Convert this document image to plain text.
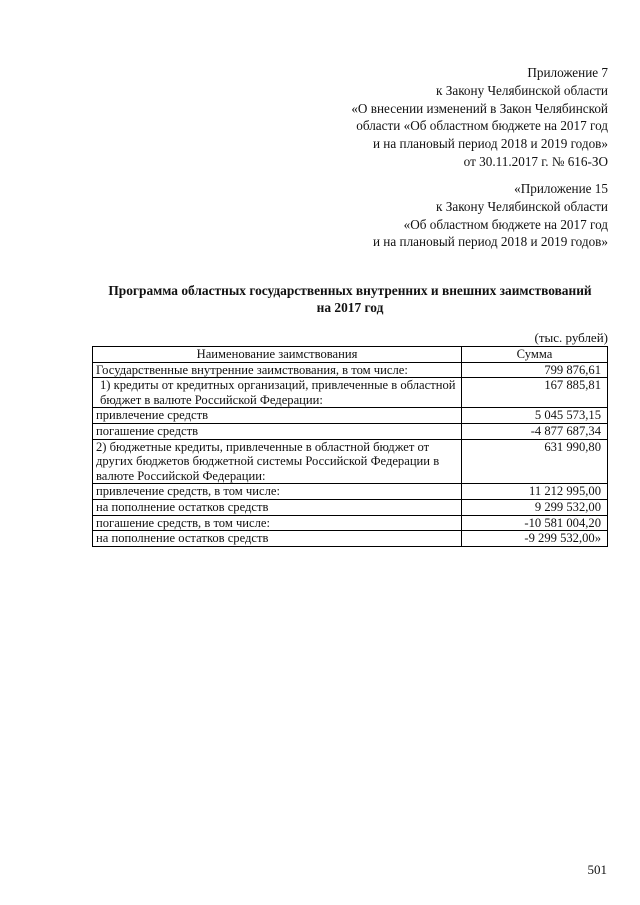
Приложение 7
к Закону Челябинской области
«О внесении изменений в Закон Челябинской
области «Об областном бюджете на 2017 год
и на плановый период 2018 и 2019 годов»
от 30.11.2017 г. № 616-ЗО
«Приложение 15
к Закону Челябинской области
«Об областном бюджете на 2017 год
и на плановый период 2018 и 2019 годов»
Программа областных государственных внутренних и внешних заимствований
на 2017 год
(тыс. рублей)
Наименование заимствования	Сумма
Государственные внутренние заимствования, в том числе:	799 876,61
1) кредиты от кредитных организаций, привлеченные в областной бюджет в валюте Российской Федерации:	167 885,81
привлечение средств	5 045 573,15
погашение средств	-4 877 687,34
2) бюджетные кредиты, привлеченные в областной бюджет от других бюджетов бюджетной системы Российской Федерации в валюте Российской Федерации:	631 990,80
привлечение средств, в том числе:	11 212 995,00
на пополнение остатков средств	9 299 532,00
погашение средств, в том числе:	-10 581 004,20
на пополнение остатков средств	-9 299 532,00»
501
